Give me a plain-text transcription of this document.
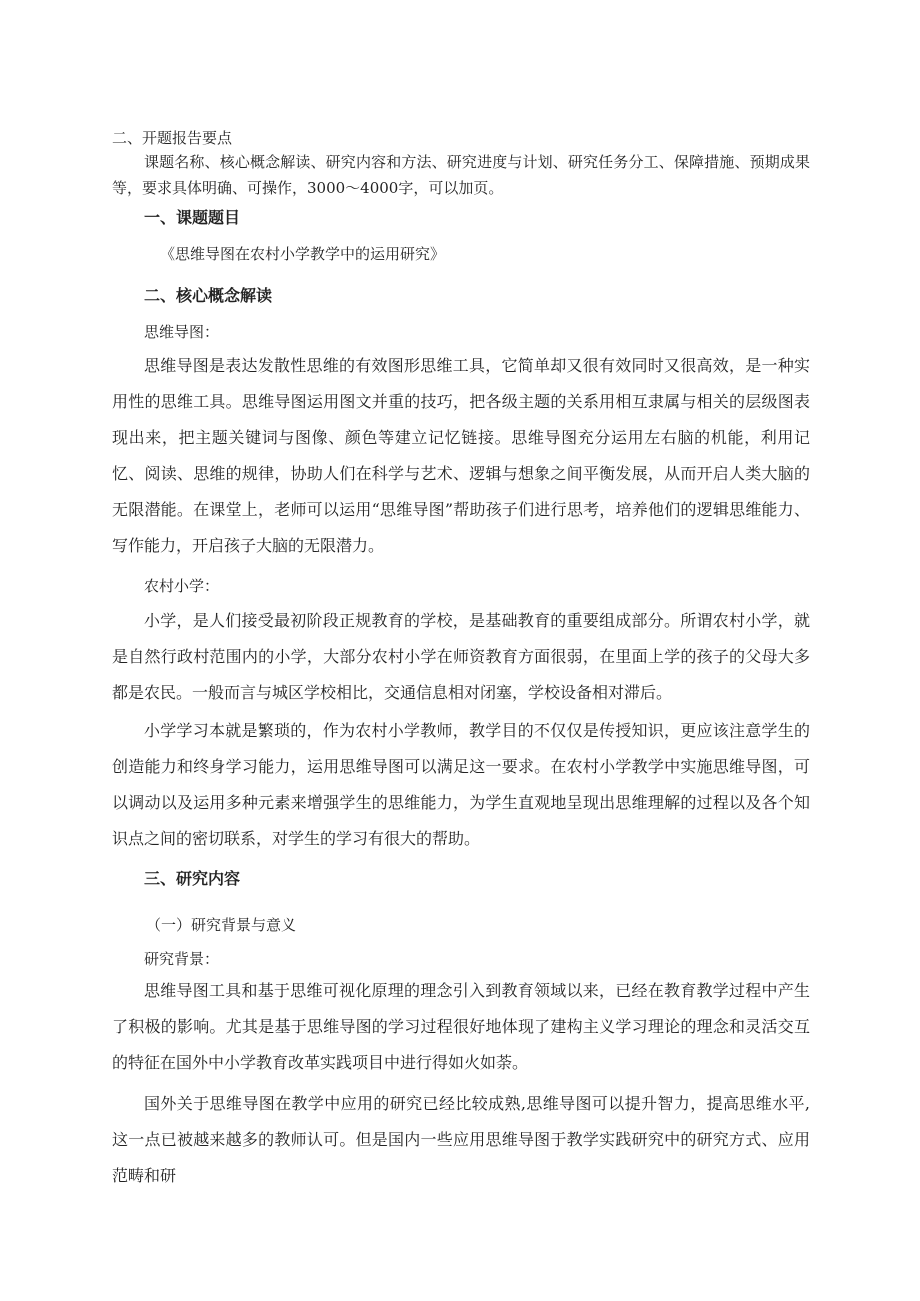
二、开题报告要点

课题名称、核心概念解读、研究内容和方法、研究进度与计划、研究任务分工、保障措施、预期成果等，要求具体明确、可操作，3000～4000字，可以加页。

一、课题题目

《思维导图在农村小学教学中的运用研究》

二、核心概念解读

思维导图：

思维导图是表达发散性思维的有效图形思维工具，它简单却又很有效同时又很高效，是一种实用性的思维工具。思维导图运用图文并重的技巧，把各级主题的关系用相互隶属与相关的层级图表现出来，把主题关键词与图像、颜色等建立记忆链接。思维导图充分运用左右脑的机能，利用记忆、阅读、思维的规律，协助人们在科学与艺术、逻辑与想象之间平衡发展，从而开启人类大脑的无限潜能。在课堂上，老师可以运用“思维导图”帮助孩子们进行思考，培养他们的逻辑思维能力、写作能力，开启孩子大脑的无限潜力。

农村小学：

小学，是人们接受最初阶段正规教育的学校，是基础教育的重要组成部分。所谓农村小学，就是自然行政村范围内的小学，大部分农村小学在师资教育方面很弱，在里面上学的孩子的父母大多都是农民。一般而言与城区学校相比，交通信息相对闭塞，学校设备相对滞后。

小学学习本就是繁琐的，作为农村小学教师，教学目的不仅仅是传授知识，更应该注意学生的创造能力和终身学习能力，运用思维导图可以满足这一要求。在农村小学教学中实施思维导图，可以调动以及运用多种元素来增强学生的思维能力，为学生直观地呈现出思维理解的过程以及各个知识点之间的密切联系，对学生的学习有很大的帮助。

三、研究内容

（一）研究背景与意义

研究背景：

思维导图工具和基于思维可视化原理的理念引入到教育领域以来，已经在教育教学过程中产生了积极的影响。尤其是基于思维导图的学习过程很好地体现了建构主义学习理论的理念和灵活交互的特征在国外中小学教育改革实践项目中进行得如火如荼。

国外关于思维导图在教学中应用的研究已经比较成熟,思维导图可以提升智力，提高思维水平,这一点已被越来越多的教师认可。但是国内一些应用思维导图于教学实践研究中的研究方式、应用范畴和研
